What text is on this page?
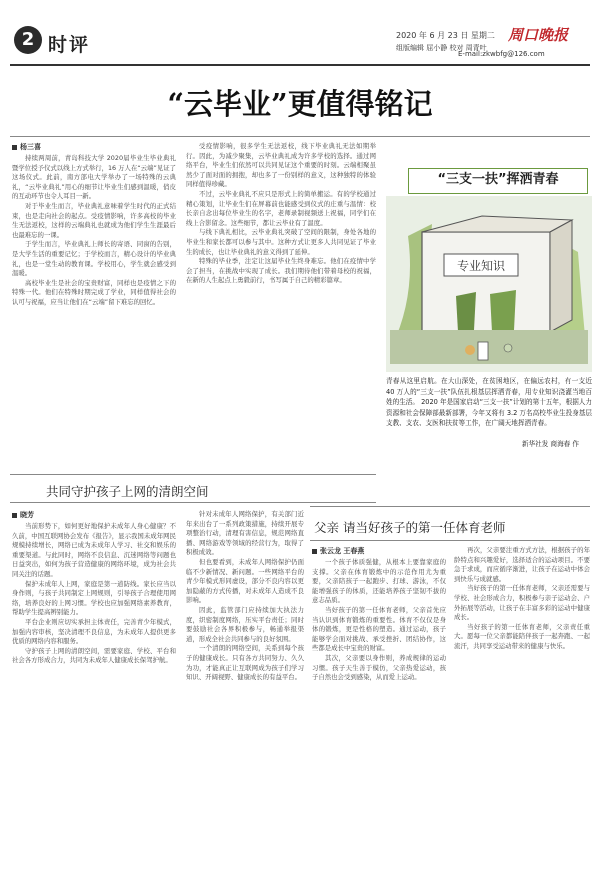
2 时评	2020 年 6 月 23 日 星期二
组版编辑 屈小静 校对 周青叶
周口晚报
E-mail:zkwbfg@126.com
“云毕业”更值得铭记
杨三喜

持续两周前，青岛科技大学 2020届毕业生毕业典礼暨学位授予仪式以线上方式举行，16 万人在“云端”见证了这场仪式。此前，南方部电大学举办了一场特殊的云典礼，“云毕业典礼”用心的细节让毕业生们感到温暖，俏皮的互动环节也令人耳目一新。

对于毕业生而言，毕业典礼意味着学生时代的正式结束，也是走向社会的起点。受疫情影响，许多高校的毕业生无法返校，这样的云端典礼也就成为他们学生生涯最后也最难忘的一课。

于学生而言，毕业典礼上师长的寄语、同窗的告别，是大学生活的重要记忆；于学校而言，精心设计的毕业典礼，也是一堂生动的教育课。学校用心，学生就会感受到温暖。

高校毕业生是社会的宝贵财富，同样也是疫情之下的特殊一代。他们在特殊时期完成了学业，同样值得社会的认可与祝福，应当让他们在“云端”留下难忘的回忆。

受疫情影响，很多学生无法返校，线下毕业典礼无法如期举行。因此，为减少聚集，云毕业典礼成为许多学校的选择。通过网络平台，毕业生们依然可以共同见证这个重要的时刻。云端相聚虽然少了面对面的拥抱，却也多了一份别样的意义，这种独特的体验同样值得珍藏。

不过，云毕业典礼不应只是形式上的简单搬运。有的学校通过精心策划，让毕业生们在屏幕前也能感受到仪式的庄重与温情：校长亲自念出每位毕业生的名字，老师录制视频送上祝福，同学们在线上合影留念。这些细节，都让云毕业有了温度。

与线下典礼相比，云毕业典礼突破了空间的限制，身处各地的毕业生和家长都可以参与其中。这种方式让更多人共同见证了毕业生的成长，也让毕业典礼的意义得到了延伸。

特殊的毕业季，注定让这届毕业生终身难忘。他们在疫情中学会了担当，在挑战中实现了成长。我们期待他们带着母校的祝福，在新的人生起点上勇毅前行，书写属于自己的精彩篇章。

“三支一扶”挥洒青春
专业知识
青春从这里启航。在大山深处，在贫困地区，在偏远农村，有一支近 40 万人的“三支一扶”队伍扎根基层挥洒青春，用专业知识浇灌当地百姓的生活。 2020 年是国家启动“三支一扶”计划的第十五年，根据人力资源和社会保障部最新部署，今年又将有 3.2 万名高校毕业生投身基层支教、支农、支医和扶贫等工作，在广阔天地挥洒青春。
新华社发 商海春 作
共同守护孩子上网的清朗空间
晓芳

当前形势下，如何更好地保护未成年人身心健康？不久前，中国互联网协会发布《报告》，显示我国未成年网民规模持续增长，网络已成为未成年人学习、社交和娱乐的重要渠道。与此同时，网络不良信息、沉迷网络等问题也日益突出，如何为孩子营造健康的网络环境，成为社会共同关注的话题。

保护未成年人上网，家庭是第一道防线。家长应当以身作则，与孩子共同制定上网规则，引导孩子合理使用网络，培养良好的上网习惯。学校也应加强网络素养教育，帮助学生提高辨别能力。

平台企业则应切实承担主体责任，完善青少年模式，加强内容审核，坚决清理不良信息，为未成年人提供更多优质的网络内容和服务。

守护孩子上网的清朗空间，需要家庭、学校、平台和社会各方形成合力，共同为未成年人健康成长保驾护航。

针对未成年人网络保护，有关部门近年来出台了一系列政策措施，持续开展专项整治行动，清理有害信息，规范网络直播、网络游戏等领域的经营行为，取得了积极成效。

但也要看到，未成年人网络保护仍面临不少新情况、新问题。一些网络平台的青少年模式形同虚设，部分不良内容以更加隐蔽的方式传播，对未成年人造成不良影响。

因此，监管部门应持续加大执法力度，织密制度网络，压实平台责任；同时要鼓励社会各界积极参与，畅通举报渠道，形成全社会共同参与的良好氛围。

一个清朗的网络空间，关系到每个孩子的健康成长。只有各方共同努力、久久为功，才能真正让互联网成为孩子们学习知识、开阔视野、健康成长的有益平台。

父亲 请当好孩子的第一任体育老师
张云龙 王春燕

一个孩子体质强健，从根本上要靠家庭的支撑。父亲在体育锻炼中的示范作用尤为重要，父亲陪孩子一起跑步、打球、游泳，不仅能增强孩子的体质，还能培养孩子坚韧不拔的意志品质。

当好孩子的第一任体育老师，父亲首先应当认识到体育锻炼的重要性。体育不仅仅是身体的锻炼，更是性格的塑造。通过运动，孩子能够学会面对挑战、承受挫折、团结协作，这些都是成长中宝贵的财富。

其次，父亲要以身作则，养成规律的运动习惯。孩子天生善于模仿，父亲热爱运动，孩子自然也会受到感染，从而爱上运动。

再次，父亲要注重方式方法，根据孩子的年龄特点和兴趣爱好，选择适合的运动项目。不要急于求成，而应循序渐进，让孩子在运动中体会到快乐与成就感。

当好孩子的第一任体育老师，父亲还需要与学校、社会形成合力，积极参与亲子运动会、户外拓展等活动，让孩子在丰富多彩的运动中健康成长。

当好孩子的第一任体育老师，父亲责任重大。愿每一位父亲都能陪伴孩子一起奔跑、一起流汗，共同享受运动带来的健康与快乐。
